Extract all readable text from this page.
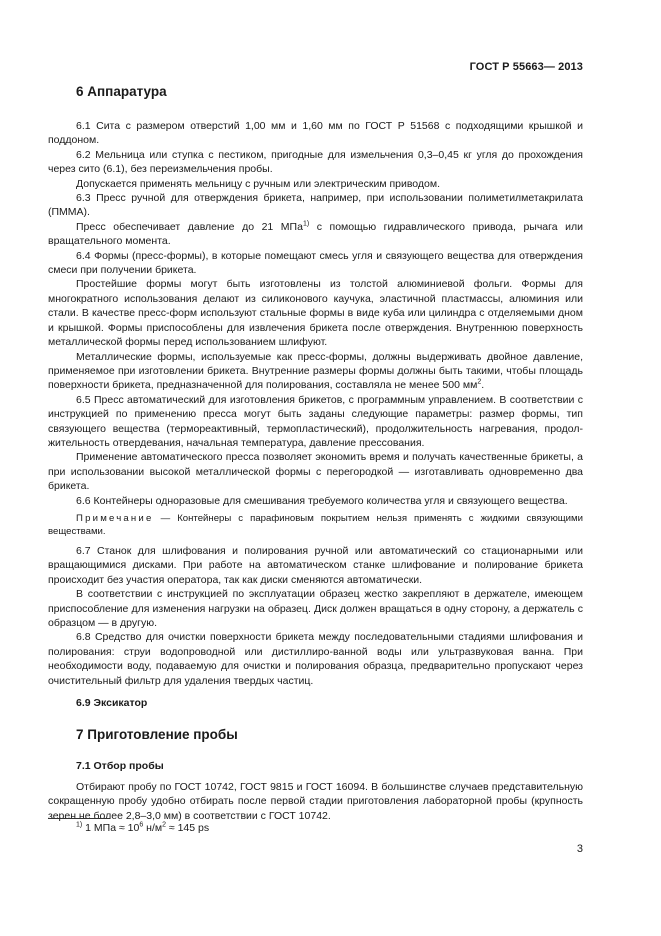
ГОСТ Р 55663— 2013
6 Аппаратура

6.1 Сита с размером отверстий 1,00 мм и 1,60 мм по ГОСТ Р 51568 с подходящими крышкой и поддоном.

6.2 Мельница или ступка с пестиком, пригодные для измельчения 0,3–0,45 кг угля до прохождения через сито (6.1), без переизмельчения пробы.

Допускается применять мельницу с ручным или электрическим приводом.

6.3 Пресс ручной для отверждения брикета, например, при использовании полиметилметакрилата (ПММА).

Пресс обеспечивает давление до 21 МПа$^{1)}$ с помощью гидравлического привода, рычага или вращательного момента.

6.4 Формы (пресс-формы), в которые помещают смесь угля и связующего вещества для отверждения смеси при получении брикета.

Простейшие формы могут быть изготовлены из толстой алюминиевой фольги. Формы для многократного использования делают из силиконового каучука, эластичной пластмассы, алюминия или стали. В качестве пресс-форм используют стальные формы в виде куба или цилиндра с отделяемыми дном и крышкой. Формы приспособлены для извлечения брикета после отверждения. Внутреннюю поверхность металлической формы перед использованием шлифуют.

Металлические формы, используемые как пресс-формы, должны выдерживать двойное давление, применяемое при изготовлении брикета. Внутренние размеры формы должны быть такими, чтобы площадь поверхности брикета, предназначенной для полирования, составляла не менее 500 $мм^2$.

6.5 Пресс автоматический для изготовления брикетов, с программным управлением. В соответствии с инструкцией по применению пресса могут быть заданы следующие параметры: размер формы, тип связующего вещества (термореактивный, термопластический), продолжительность нагревания, продол-жительность отвердевания, начальная температура, давление прессования.

Применение автоматического пресса позволяет экономить время и получать качественные брикеты, а при использовании высокой металлической формы с перегородкой — изготавливать одновременно два брикета.

6.6 Контейнеры одноразовые для смешивания требуемого количества угля и связующего вещества.

Примечание — Контейнеры с парафиновым покрытием нельзя применять с жидкими связующими веществами.

6.7 Станок для шлифования и полирования ручной или автоматический со стационарными или вращающимися дисками. При работе на автоматическом станке шлифование и полирование брикета происходит без участия оператора, так как диски сменяются автоматически.

В соответствии с инструкцией по эксплуатации образец жестко закрепляют в держателе, имеющем приспособление для изменения нагрузки на образец. Диск должен вращаться в одну сторону, а держатель с образцом — в другую.

6.8 Средство для очистки поверхности брикета между последовательными стадиями шлифования и полирования: струи водопроводной или дистиллиро-ванной воды или ультразвуковая ванна. При необходимости воду, подаваемую для очистки и полирования образца, предварительно пропускают через очистительный фильтр для удаления твердых частиц.

6.9 Эксикатор
7 Приготовление пробы
7.1 Отбор пробы

Отбирают пробу по ГОСТ 10742, ГОСТ 9815 и ГОСТ 16094. В большинстве случаев представительную сокращенную пробу удобно отбирать после первой стадии приготовления лабораторной пробы (крупность зерен не более 2,8–3,0 мм) в соответствии с ГОСТ 10742.

$^{1)}$ 1 МПа ≈ $10^6$ $н/м^2 \approx 145$ ps
3
